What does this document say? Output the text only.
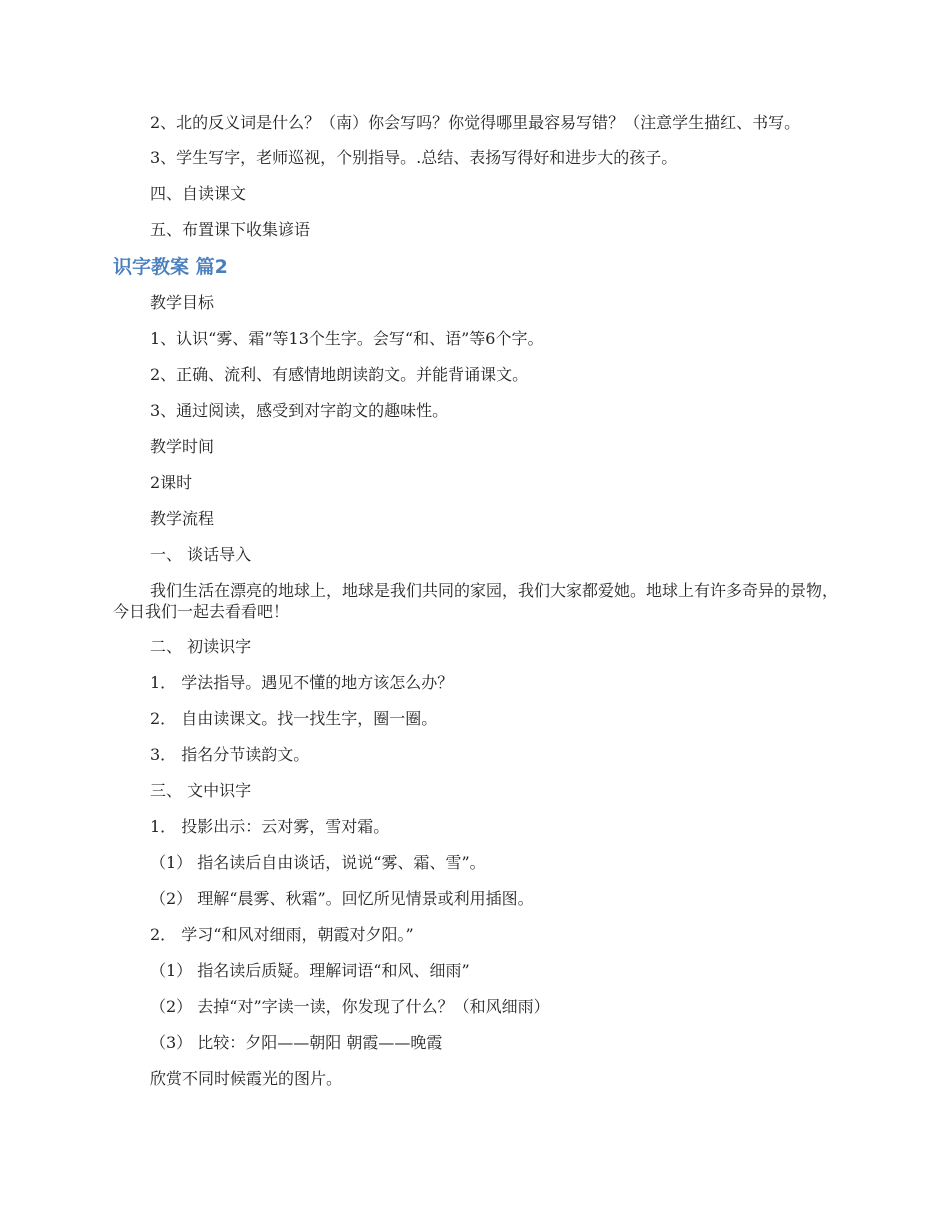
2、北的反义词是什么？（南）你会写吗？你觉得哪里最容易写错？（注意学生描红、书写。

3、学生写字，老师巡视，个别指导。.总结、表扬写得好和进步大的孩子。

四、自读课文

五、布置课下收集谚语

识字教案 篇2

教学目标

1、认识“雾、霜”等13个生字。会写“和、语”等6个字。

2、正确、流利、有感情地朗读韵文。并能背诵课文。

3、通过阅读，感受到对字韵文的趣味性。

教学时间

2课时

教学流程

一、 谈话导入

我们生活在漂亮的地球上，地球是我们共同的家园，我们大家都爱她。地球上有许多奇异的景物，今日我们一起去看看吧！

二、 初读识字

1． 学法指导。遇见不懂的地方该怎么办？

2． 自由读课文。找一找生字，圈一圈。

3． 指名分节读韵文。

三、 文中识字

1． 投影出示：云对雾，雪对霜。

（1） 指名读后自由谈话，说说“雾、霜、雪”。

（2） 理解“晨雾、秋霜”。回忆所见情景或利用插图。

2． 学习“和风对细雨，朝霞对夕阳。”

（1） 指名读后质疑。理解词语“和风、细雨”

（2） 去掉“对”字读一读，你发现了什么？（和风细雨）

（3） 比较：夕阳——朝阳 朝霞——晚霞

欣赏不同时候霞光的图片。
